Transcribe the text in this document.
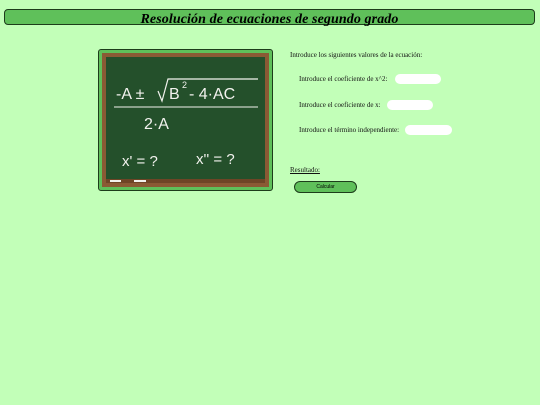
Resolución de ecuaciones de segundo grado
-A ± B
2
- 4·AC
2·A
x' = ?	x'' = ?
Introduce los siguientes valores de la ecuación:
Introduce el coeficiente de x^2:
Introduce el coeficiente de x:
Introduce el término independiente:
Resultado:
Calcular
